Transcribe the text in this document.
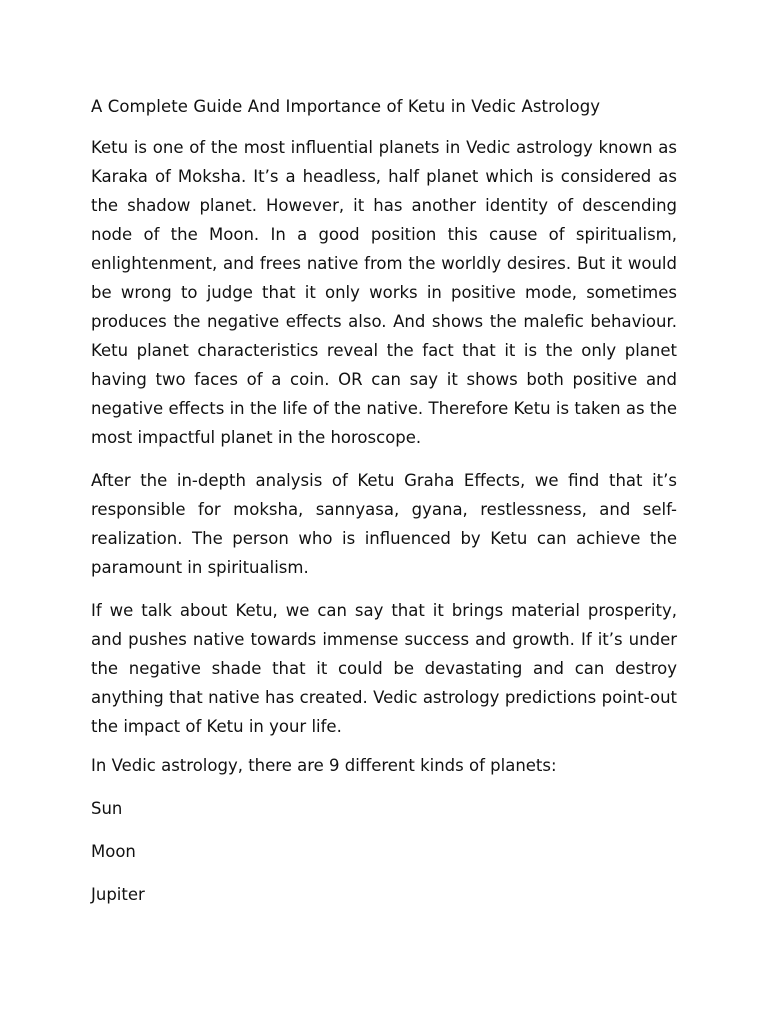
A Complete Guide And Importance of Ketu in Vedic Astrology

Ketu is one of the most influential planets in Vedic astrology known as Karaka of Moksha. It’s a headless, half planet which is considered as the shadow planet. However, it has another identity of descending node of the Moon. In a good position this cause of spiritualism, enlightenment, and frees native from the worldly desires. But it would be wrong to judge that it only works in positive mode, sometimes produces the negative effects also. And shows the malefic behaviour. Ketu planet characteristics reveal the fact that it is the only planet having two faces of a coin. OR can say it shows both positive and negative effects in the life of the native. Therefore Ketu is taken as the most impactful planet in the horoscope.

After the in-depth analysis of Ketu Graha Effects, we find that it’s responsible for moksha, sannyasa, gyana, restlessness, and self-realization. The person who is influenced by Ketu can achieve the paramount in spiritualism.

If we talk about Ketu, we can say that it brings material prosperity, and pushes native towards immense success and growth. If it’s under the negative shade that it could be devastating and can destroy anything that native has created. Vedic astrology predictions point-out the impact of Ketu in your life.

In Vedic astrology, there are 9 different kinds of planets:
Sun
Moon
Jupiter
